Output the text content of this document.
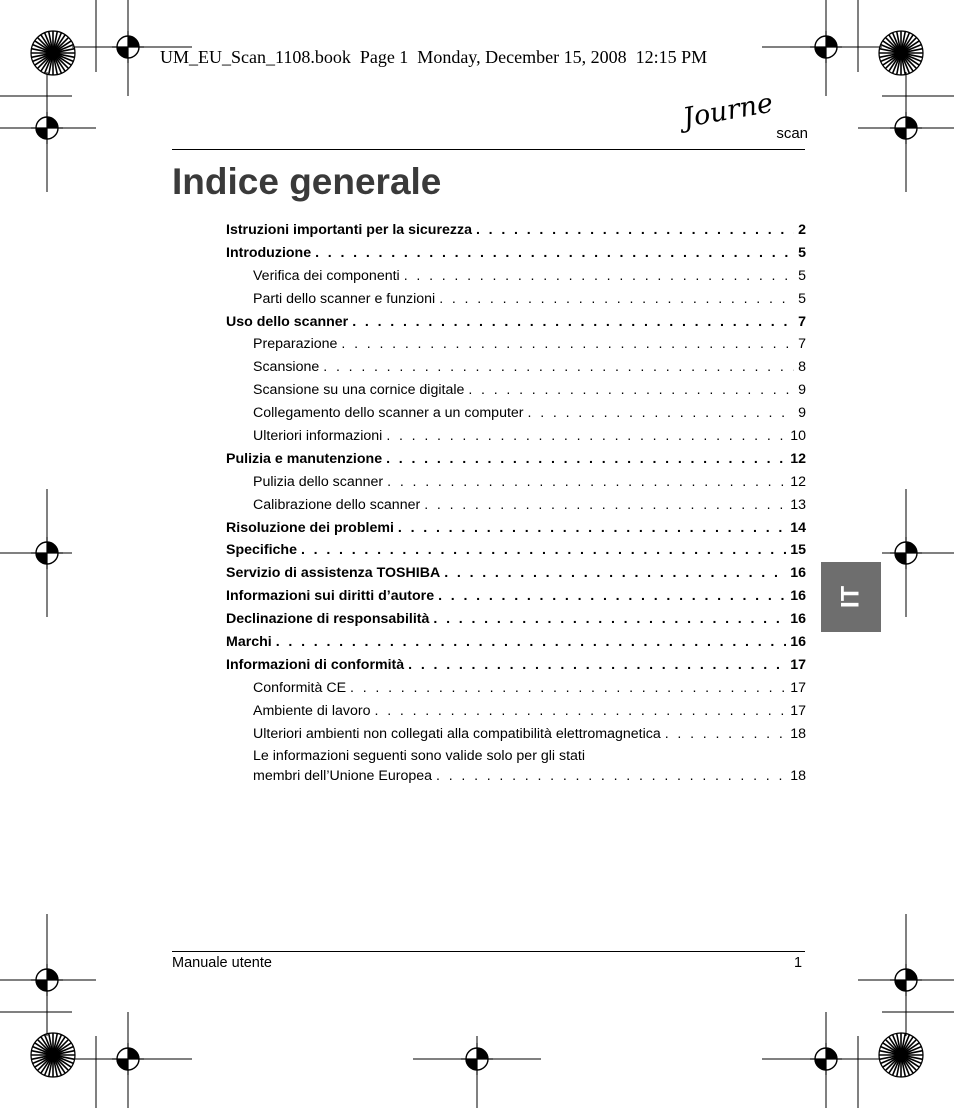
UM_EU_Scan_1108.book  Page 1  Monday, December 15, 2008  12:15 PM
Journe scan
Indice generale
Istruzioni importanti per la sicurezza . . .	2
Introduzione . . .	5
Verifica dei componenti . . .	5
Parti dello scanner e funzioni . . .	5
Uso dello scanner . . .	7
Preparazione . . .	7
Scansione . . .	8
Scansione su una cornice digitale . . .	9
Collegamento dello scanner a un computer . . .	9
Ulteriori informazioni . . .	10
Pulizia e manutenzione . . .	12
Pulizia dello scanner . . .	12
Calibrazione dello scanner . . .	13
Risoluzione dei problemi . . .	14
Specifiche . . .	15
Servizio di assistenza TOSHIBA . . .	16
Informazioni sui diritti d’autore . . .	16
Declinazione di responsabilità . . .	16
Marchi . . .	16
Informazioni di conformità . . .	17
Conformità CE . . .	17
Ambiente di lavoro . . .	17
Ulteriori ambienti non collegati alla compatibilità elettromagnetica . . .	18
Le informazioni seguenti sono valide solo per gli stati
membri dell’Unione Europea . . .	18
IT
Manuale utente	1
